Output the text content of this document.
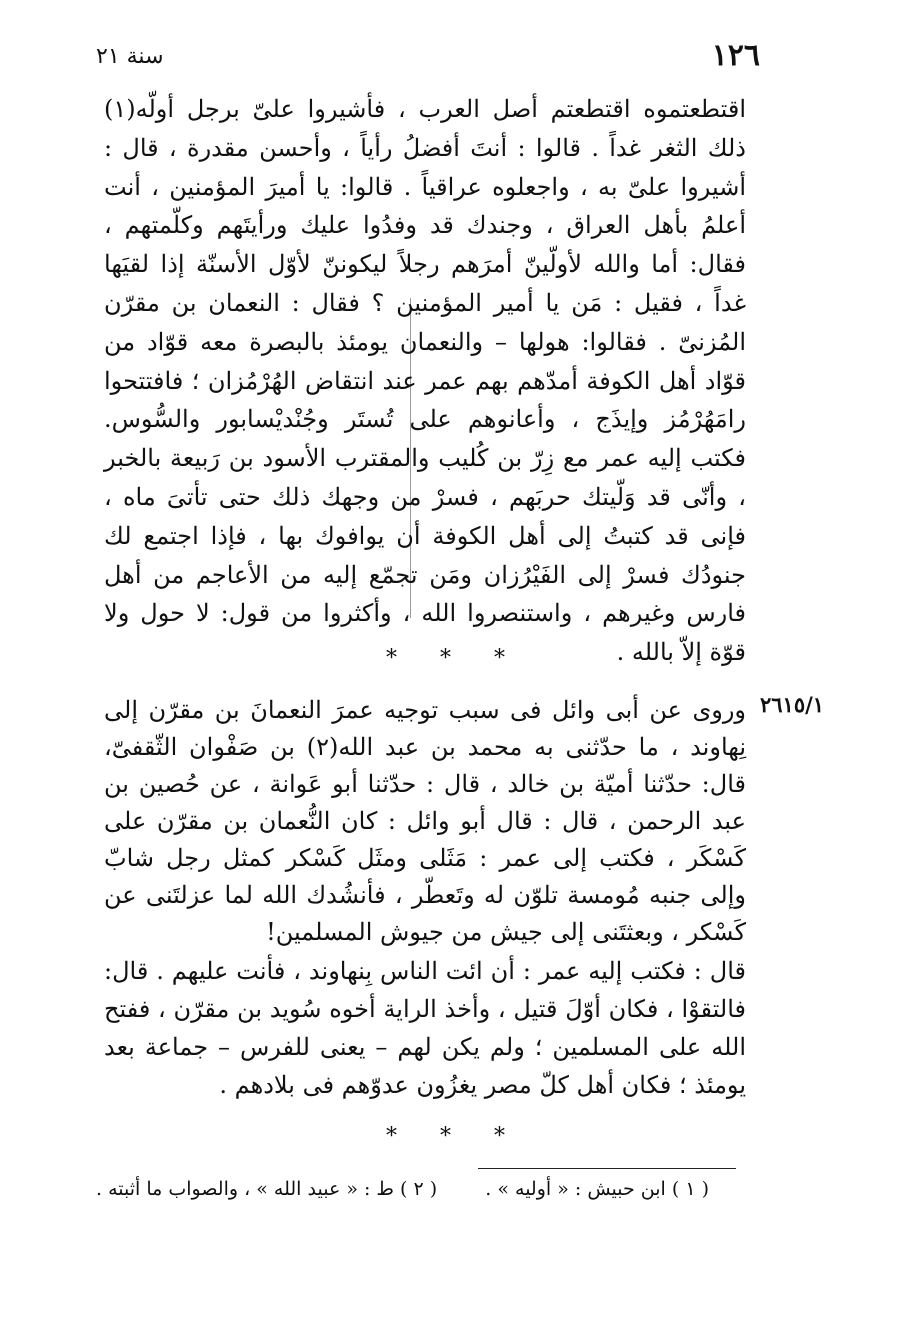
١٢٦
سنة ٢١

اقتطعتموه اقتطعتم أصل العرب ، فأشيروا علىّ برجل أولّه(١) ذلك الثغر غداً . قالوا : أنتَ أفضلُ رأياً ، وأحسن مقدرة ، قال : أشيروا علىّ به ، واجعلوه عراقياً . قالوا: يا أميرَ المؤمنين ، أنت أعلمُ بأهل العراق ، وجندك قد وفدُوا عليك ورأيتَهم وكلّمتهم ، فقال: أما والله لأولّينّ أمرَهم رجلاً ليكوننّ لأوّل الأسنّة إذا لقيَها غداً ، فقيل : مَن يا أمير المؤمنين ؟ فقال : النعمان بن مقرّن المُزنىّ . فقالوا: هولها – والنعمان يومئذ بالبصرة معه قوّاد من قوّاد أهل الكوفة أمدّهم بهم عمر عند انتقاض الهُرْمُزان ؛ فافتتحوا رامَهُرْمُز وإيذَج ، وأعانوهم على تُستَر وجُنْديْسابور والسُّوس. فكتب إليه عمر مع زِرّ بن كُليب والمقترب الأسود بن رَبيعة بالخبر ، وأنّى قد وَلّيتك حربَهم ، فسرْ من وجهك ذلك حتى تأتىَ ماه ، فإنى قد كتبتُ إلى أهل الكوفة أن يوافوك بها ، فإذا اجتمع لك جنودُك فسرْ إلى الفَيْرُزان ومَن تجمّع إليه من الأعاجم من أهل فارس وغيرهم ، واستنصروا الله ، وأكثروا من قول: لا حول ولا قوّة إلاّ بالله .

* * *
٢٦١٥/١

وروى عن أبى وائل فى سبب توجيه عمرَ النعمانَ بن مقرّن إلى نِهاوند ، ما حدّثنى به محمد بن عبد الله(٢) بن صَفْوان الثّقفىّ، قال: حدّثنا أميّة بن خالد ، قال : حدّثنا أبو عَوانة ، عن حُصين بن عبد الرحمن ، قال : قال أبو وائل : كان النُّعمان بن مقرّن على كَسْكَر ، فكتب إلى عمر : مَثَلى ومثَل كَسْكر كمثل رجل شابّ وإلى جنبه مُومسة تلوّن له وتَعطّر ، فأنشُدك الله لما عزلتَنى عن كَسْكر ، وبعثتَنى إلى جيش من جيوش المسلمين!

قال : فكتب إليه عمر : أن ائت الناس بِنهاوند ، فأنت عليهم . قال: فالتقوْا ، فكان أوّلَ قتيل ، وأخذ الراية أخوه سُويد بن مقرّن ، ففتح الله على المسلمين ؛ ولم يكن لهم – يعنى للفرس – جماعة بعد يومئذ ؛ فكان أهل كلّ مصر يغزُون عدوّهم فى بلادهم .

* * *
( ١ ) ابن حبيش : « أوليه » .
( ٢ ) ط : « عبيد الله » ، والصواب ما أثبته .
